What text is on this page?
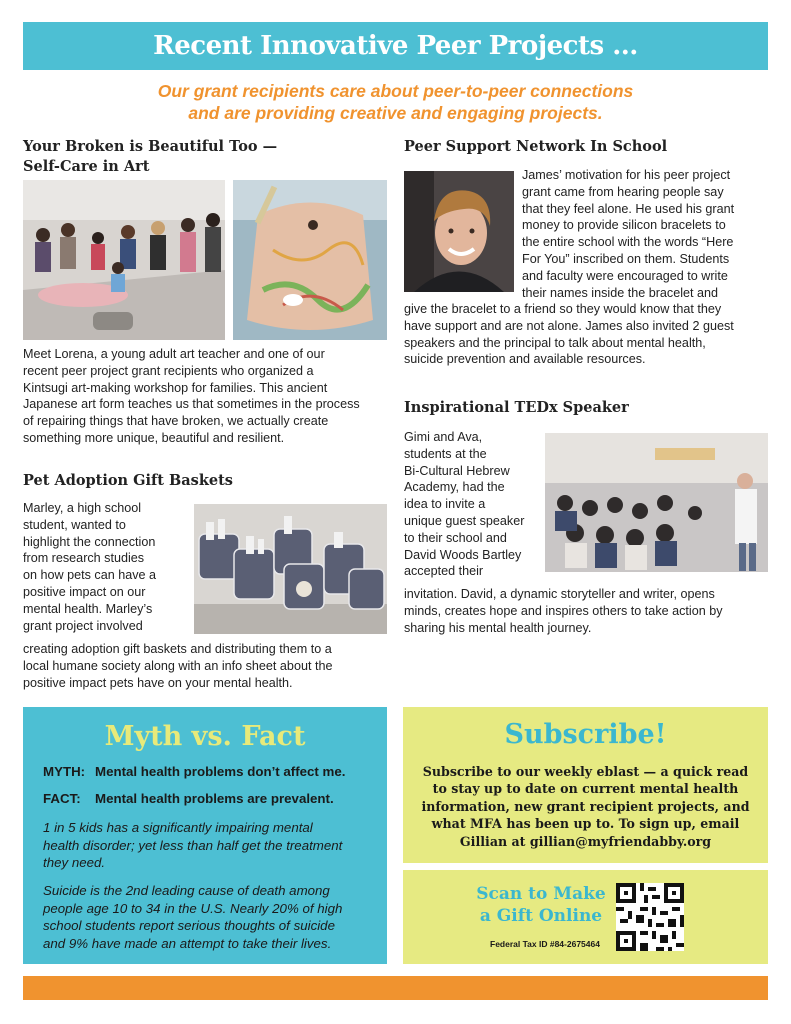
Recent Innovative Peer Projects ...
Our grant recipients care about peer-to-peer connections
and are providing creative and engaging projects.
Your Broken is Beautiful Too —
Self-Care in Art
Meet Lorena, a young adult art teacher and one of our
recent peer project grant recipients who organized a
Kintsugi art-making workshop for families. This ancient
Japanese art form teaches us that sometimes in the process
of repairing things that have broken, we actually create
something more unique, beautiful and resilient.
Pet Adoption Gift Baskets
Marley, a high school
student, wanted to
highlight the connection
from research studies
on how pets can have a
positive impact on our
mental health. Marley’s
grant project involved
creating adoption gift baskets and distributing them to a
local humane society along with an info sheet about the
positive impact pets have on your mental health.
Peer Support Network In School
James’ motivation for his peer project
grant came from hearing people say
that they feel alone. He used his grant
money to provide silicon bracelets to
the entire school with the words “Here
For You” inscribed on them. Students
and faculty were encouraged to write
their names inside the bracelet and
give the bracelet to a friend so they would know that they
have support and are not alone. James also invited 2 guest
speakers and the principal to talk about mental health,
suicide prevention and available resources.
Inspirational TEDx Speaker
Gimi and Ava,
students at the
Bi-Cultural Hebrew
Academy, had the
idea to invite a
unique guest speaker
to their school and
David Woods Bartley
accepted their
invitation. David, a dynamic storyteller and writer, opens
minds, creates hope and inspires others to take action by
sharing his mental health journey.
Myth vs. Fact
MYTH: Mental health problems don’t affect me.
FACT: Mental health problems are prevalent.
1 in 5 kids has a significantly impairing mental
health disorder; yet less than half get the treatment
they need.
Suicide is the 2nd leading cause of death among
people age 10 to 34 in the U.S. Nearly 20% of high
school students report serious thoughts of suicide
and 9% have made an attempt to take their lives.
Subscribe!

Subscribe to our weekly eblast — a quick read
to stay up to date on current mental health
information, new grant recipient projects, and
what MFA has been up to. To sign up, email
Gillian at gillian@myfriendabby.org

Scan to Make
a Gift Online
Federal Tax ID #84-2675464
